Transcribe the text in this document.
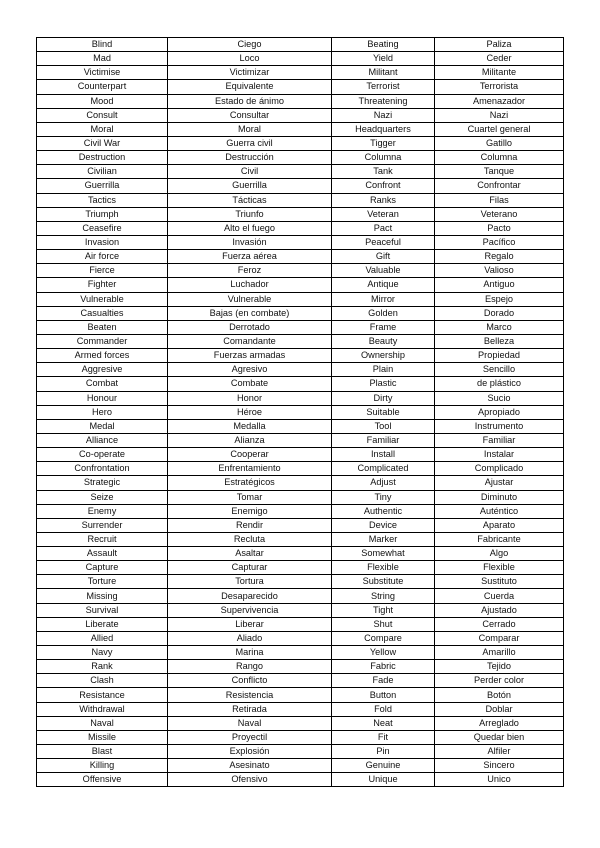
Blind	Ciego	Beating	Paliza
Mad	Loco	Yield	Ceder
Victimise	Victimizar	Militant	Militante
Counterpart	Equivalente	Terrorist	Terrorista
Mood	Estado de ánimo	Threatening	Amenazador
Consult	Consultar	Nazi	Nazi
Moral	Moral	Headquarters	Cuartel general
Civil War	Guerra civil	Tigger	Gatillo
Destruction	Destrucción	Columna	Columna
Civilian	Civil	Tank	Tanque
Guerrilla	Guerrilla	Confront	Confrontar
Tactics	Tácticas	Ranks	Filas
Triumph	Triunfo	Veteran	Veterano
Ceasefire	Alto el fuego	Pact	Pacto
Invasion	Invasión	Peaceful	Pacífico
Air force	Fuerza aérea	Gift	Regalo
Fierce	Feroz	Valuable	Valioso
Fighter	Luchador	Antique	Antiguo
Vulnerable	Vulnerable	Mirror	Espejo
Casualties	Bajas (en combate)	Golden	Dorado
Beaten	Derrotado	Frame	Marco
Commander	Comandante	Beauty	Belleza
Armed forces	Fuerzas armadas	Ownership	Propiedad
Aggresive	Agresivo	Plain	Sencillo
Combat	Combate	Plastic	de plástico
Honour	Honor	Dirty	Sucio
Hero	Héroe	Suitable	Apropiado
Medal	Medalla	Tool	Instrumento
Alliance	Alianza	Familiar	Familiar
Co-operate	Cooperar	Install	Instalar
Confrontation	Enfrentamiento	Complicated	Complicado
Strategic	Estratégicos	Adjust	Ajustar
Seize	Tomar	Tiny	Diminuto
Enemy	Enemigo	Authentic	Auténtico
Surrender	Rendir	Device	Aparato
Recruit	Recluta	Marker	Fabricante
Assault	Asaltar	Somewhat	Algo
Capture	Capturar	Flexible	Flexible
Torture	Tortura	Substitute	Sustituto
Missing	Desaparecido	String	Cuerda
Survival	Supervivencia	Tight	Ajustado
Liberate	Liberar	Shut	Cerrado
Allied	Aliado	Compare	Comparar
Navy	Marina	Yellow	Amarillo
Rank	Rango	Fabric	Tejido
Clash	Conflicto	Fade	Perder color
Resistance	Resistencia	Button	Botón
Withdrawal	Retirada	Fold	Doblar
Naval	Naval	Neat	Arreglado
Missile	Proyectil	Fit	Quedar bien
Blast	Explosión	Pin	Alfiler
Killing	Asesinato	Genuine	Sincero
Offensive	Ofensivo	Unique	Unico
